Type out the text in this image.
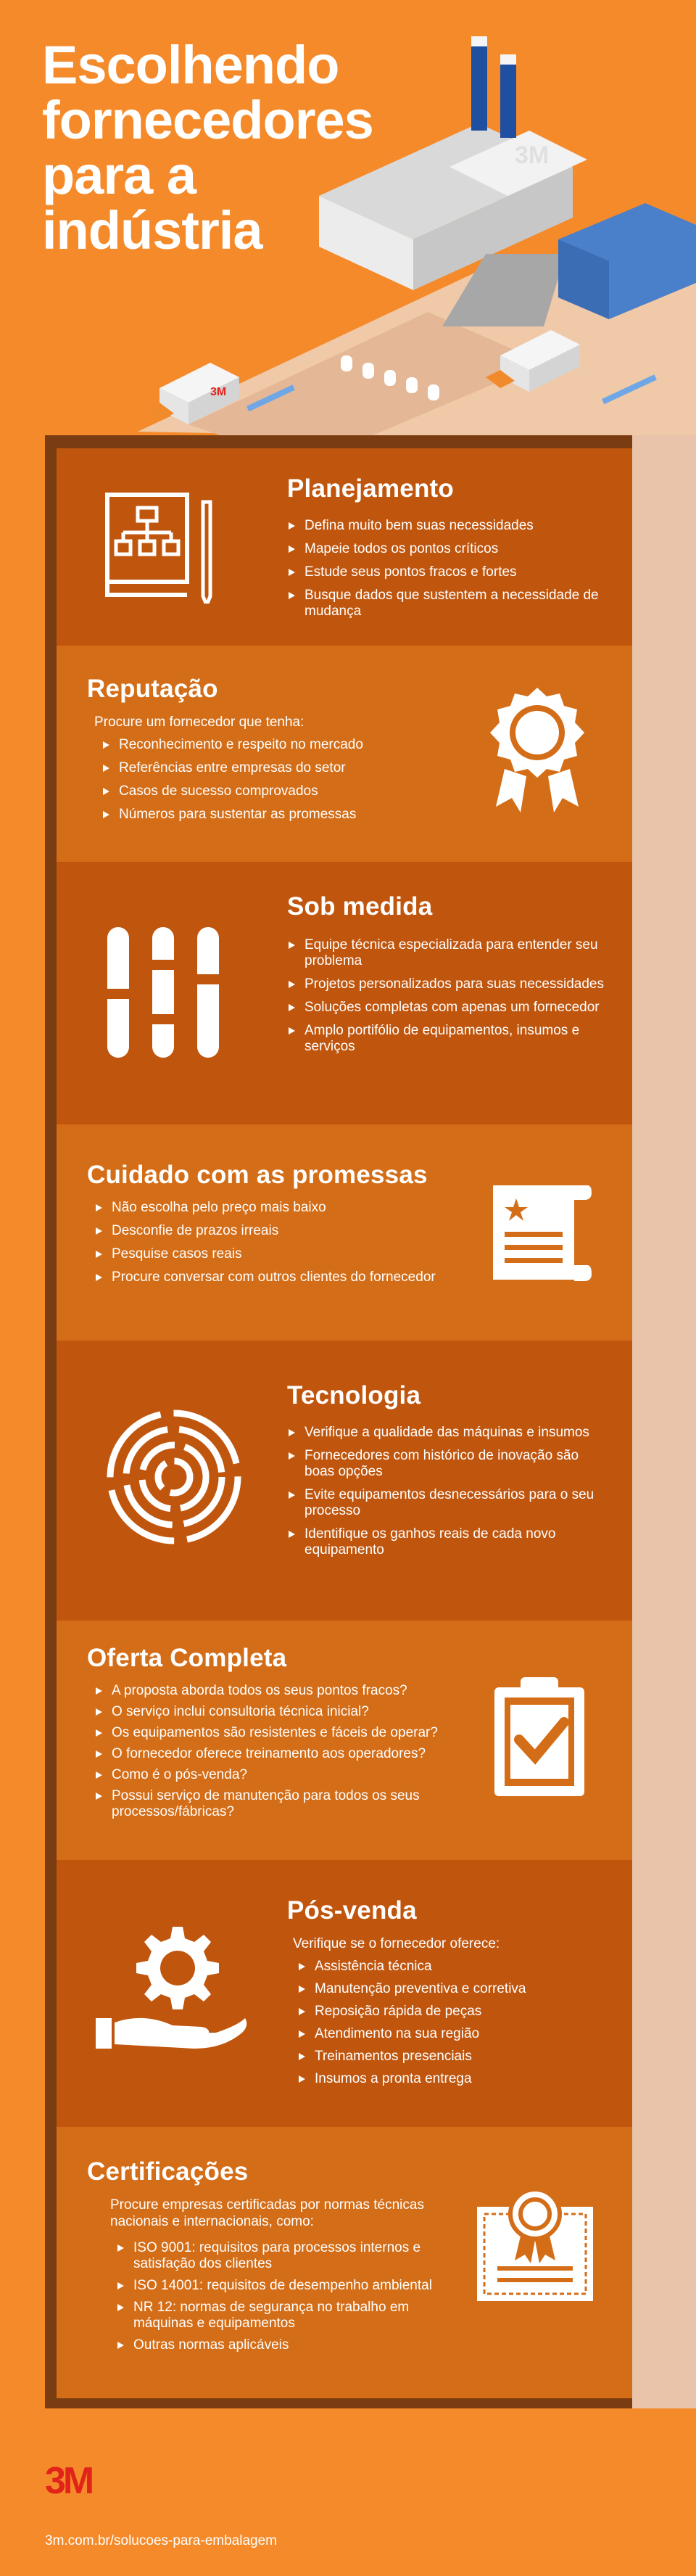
Escolhendo
fornecedores
para a
indústria
3M
3M
Planejamento
Defina muito bem suas necessidades
Mapeie todos os pontos críticos
Estude seus pontos fracos e fortes
Busque dados que sustentem a necessidade de mudança
Reputação

Procure um fornecedor que tenha:

Reconhecimento e respeito no mercado
Referências entre empresas do setor
Casos de sucesso comprovados
Números para sustentar as promessas
Sob medida
Equipe técnica especializada para entender seu problema
Projetos personalizados para suas necessidades
Soluções completas com apenas um fornecedor
Amplo portifólio de equipamentos, insumos e serviços
Cuidado com as promessas
Não escolha pelo preço mais baixo
Desconfie de prazos irreais
Pesquise casos reais
Procure conversar com outros clientes do fornecedor
Tecnologia
Verifique a qualidade das máquinas e insumos
Fornecedores com histórico de inovação são boas opções
Evite equipamentos desnecessários para o seu processo
Identifique os ganhos reais de cada novo equipamento
Oferta Completa
A proposta aborda todos os seus pontos fracos?
O serviço inclui consultoria técnica inicial?
Os equipamentos são resistentes e fáceis de operar?
O fornecedor oferece treinamento aos operadores?
Como é o pós-venda?
Possui serviço de manutenção para todos os seus processos/fábricas?
Pós-venda

Verifique se o fornecedor oferece:

Assistência técnica
Manutenção preventiva e corretiva
Reposição rápida de peças
Atendimento na sua região
Treinamentos presenciais
Insumos a pronta entrega
Certificações

Procure empresas certificadas por normas técnicas nacionais e internacionais, como:

ISO 9001: requisitos para processos internos e satisfação dos clientes
ISO 14001: requisitos de desempenho ambiental
NR 12: normas de segurança no trabalho em máquinas e equipamentos
Outras normas aplicáveis
3M
3m.com.br/solucoes-para-embalagem
